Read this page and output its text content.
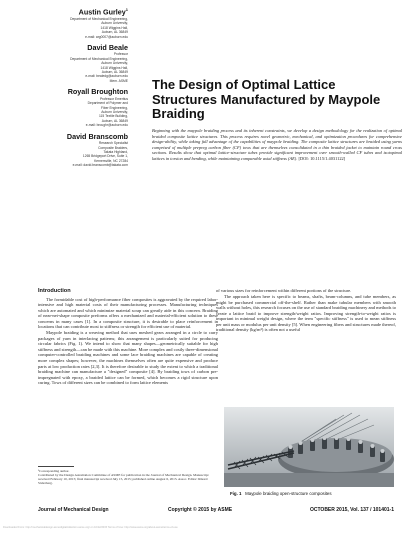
Austin Gurley$^1$
Department of Mechanical Engineering,
Auburn University,
1418 Wiggins Hall,
Auburn, AL 36849
e-mail: arg0007@auburn.edu
David Beale
Professor
Department of Mechanical Engineering,
Auburn University,
1418 Wiggins Hall,
Auburn, AL 36849
e-mail: bealedg@auburn.edu
Mem. ASME
Royall Broughton
Professor Emeritus
Department of Polymer and
Fiber Engineering,
Auburn University,
115 Textile Building,
Auburn, AL 36849
e-mail: broughr@auburn.edu
David Branscomb
Research Specialist
Composite Braiders,
Takata Highland,
1265 Bridgeport Drive, Suite 1,
Kernersville, NC 27284
e-mail: david.branscomb@takata.com
The Design of Optimal Lattice Structures Manufactured by Maypole Braiding
Beginning with the maypole braiding process and its inherent constraints, we develop a design methodology for the realization of optimal braided composite lattice structures. This process requires novel geometric, mechanical, and optimization procedures for comprehensive design-ability, while taking full advantage of the capabilities of maypole braiding. The composite lattice structures are braided using yarns comprised of multiple prepreg carbon fiber (CF) tows that are themselves consolidated in a thin braided jacket to maintain round cross sections. Results show that optimal lattice-structure tubes provide significant improvement over smooth-walled CF tubes and isotopimal lattices in torsion and bending, while maintaining comparable axial stiffness (AE). [DOI: 10.1115/1.4031122]
Introduction

The formidable cost of high-performance fiber composites is aggravated by the required labor-intensive and high material costs of their manufacturing processes. Manufacturing techniques which are automated and which minimize material scrap can greatly aide in this concern. Braiding of near-net-shape composite preforms offers a mechanized and material-efficient solution to these concerns in many cases [1]. In a composite structure, it is desirable to place reinforcement in locations that can contribute most to stiffness or strength for efficient use of material.

Maypole braiding is a weaving method that uses meshed gears arranged in a circle to carry packages of yarn in interlacing patterns; this arrangement is particularly suited for producing circular fabrics (Fig. 1). We intend to show that many shapes—geometrically suitable for high stiffness and strength—can be made with this machine. More complex and costly three-dimensional computer-controlled braiding machines and some lace braiding machines are capable of creating more complex shapes; however, the machines themselves often are quite expensive and produce parts at low production rates [2,3]. It is therefore desirable to study the extent to which a traditional braiding machine can manufacture a "designed" composite [4]. By braiding tows of carbon pre-impregnated with epoxy, a braided lattice can be formed, which becomes a rigid structure upon curing. Tows of different sizes can be combined to form lattice elements

of various sizes for reinforcement within different portions of the structure.

The approach taken here is specific to beams, shafts, beam-columns, and tube members, as might be purchased commercial off-the-shelf. Rather than make tubular members with smooth walls without holes, this research focuses on the use of standard braiding machinery and methods to create a lattice braid to improve strength/weight ratios. Improving strength-to-weight ratios is important in minimal weight design, where the term "specific stiffness" is used to mean stiffness per unit mass or modulus per unit density [5]. When engineering fibers and structures made thereof, traditional density (kg/m³) is often not a useful

¹Corresponding author.
Contributed by the Design Automation Committee of ASME for publication in the Journal of Mechanical Design. Manuscript received February 10, 2015; final manuscript received July 15, 2015; published online August 6, 2015. Assoc. Editor: Rikard Söderberg.
Fig. 1 Maypole braiding open-structure composites
Journal of Mechanical Design	Copyright © 2015 by ASME	OCTOBER 2015, Vol. 137 / 101401-1
Downloaded From: http://mechanicaldesign.asmedigitalcollection.asme.org/ on 10/12/2015 Terms of Use: http://www.asme.org/about-asme/terms-of-use
